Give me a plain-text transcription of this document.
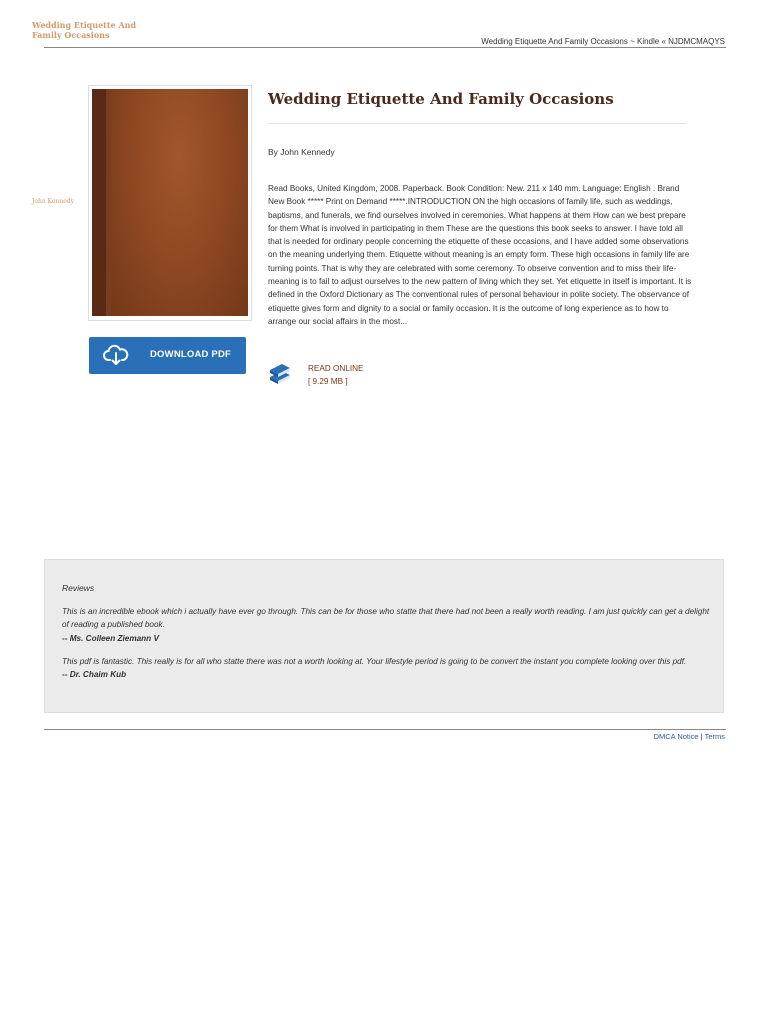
Wedding Etiquette And Family Occasions ~ Kindle « NJDMCMAQYS
Wedding Etiquette And Family Occasions
John Kennedy
DOWNLOAD PDF
Wedding Etiquette And Family Occasions
By John Kennedy
Read Books, United Kingdom, 2008. Paperback. Book Condition: New. 211 x 140 mm. Language: English . Brand New Book ***** Print on Demand *****.INTRODUCTION ON the high occasions of family life, such as weddings, baptisms, and funerals, we find ourselves involved in ceremonies. What happens at them How can we best prepare for them What is involved in participating in them These are the questions this book seeks to answer. I have told all that is needed for ordinary people concerning the etiquette of these occasions, and I have added some observations on the meaning underlying them. Etiquette without meaning is an empty form. These high occasions in family life are turning points. That is why they are celebrated with some ceremony. To observe convention and to miss their life-meaning is to fail to adjust ourselves to the new pattern of living which they set. Yet etiquette in itself is important. It is defined in the Oxford Dictionary as The conventional rules of personal behaviour in polite society. The observance of etiquette gives form and dignity to a social or family occasion. It is the outcome of long experience as to how to arrange our social affairs in the most...
READ ONLINE
[ 9.29 MB ]
Reviews
This is an incredible ebook which i actually have ever go through. This can be for those who statte that there had not been a really worth reading. I am just quickly can get a delight of reading a published book.
-- Ms. Colleen Ziemann V
This pdf is fantastic. This really is for all who statte there was not a worth looking at. Your lifestyle period is going to be convert the instant you complete looking over this pdf.
-- Dr. Chaim Kub
DMCA Notice | Terms
